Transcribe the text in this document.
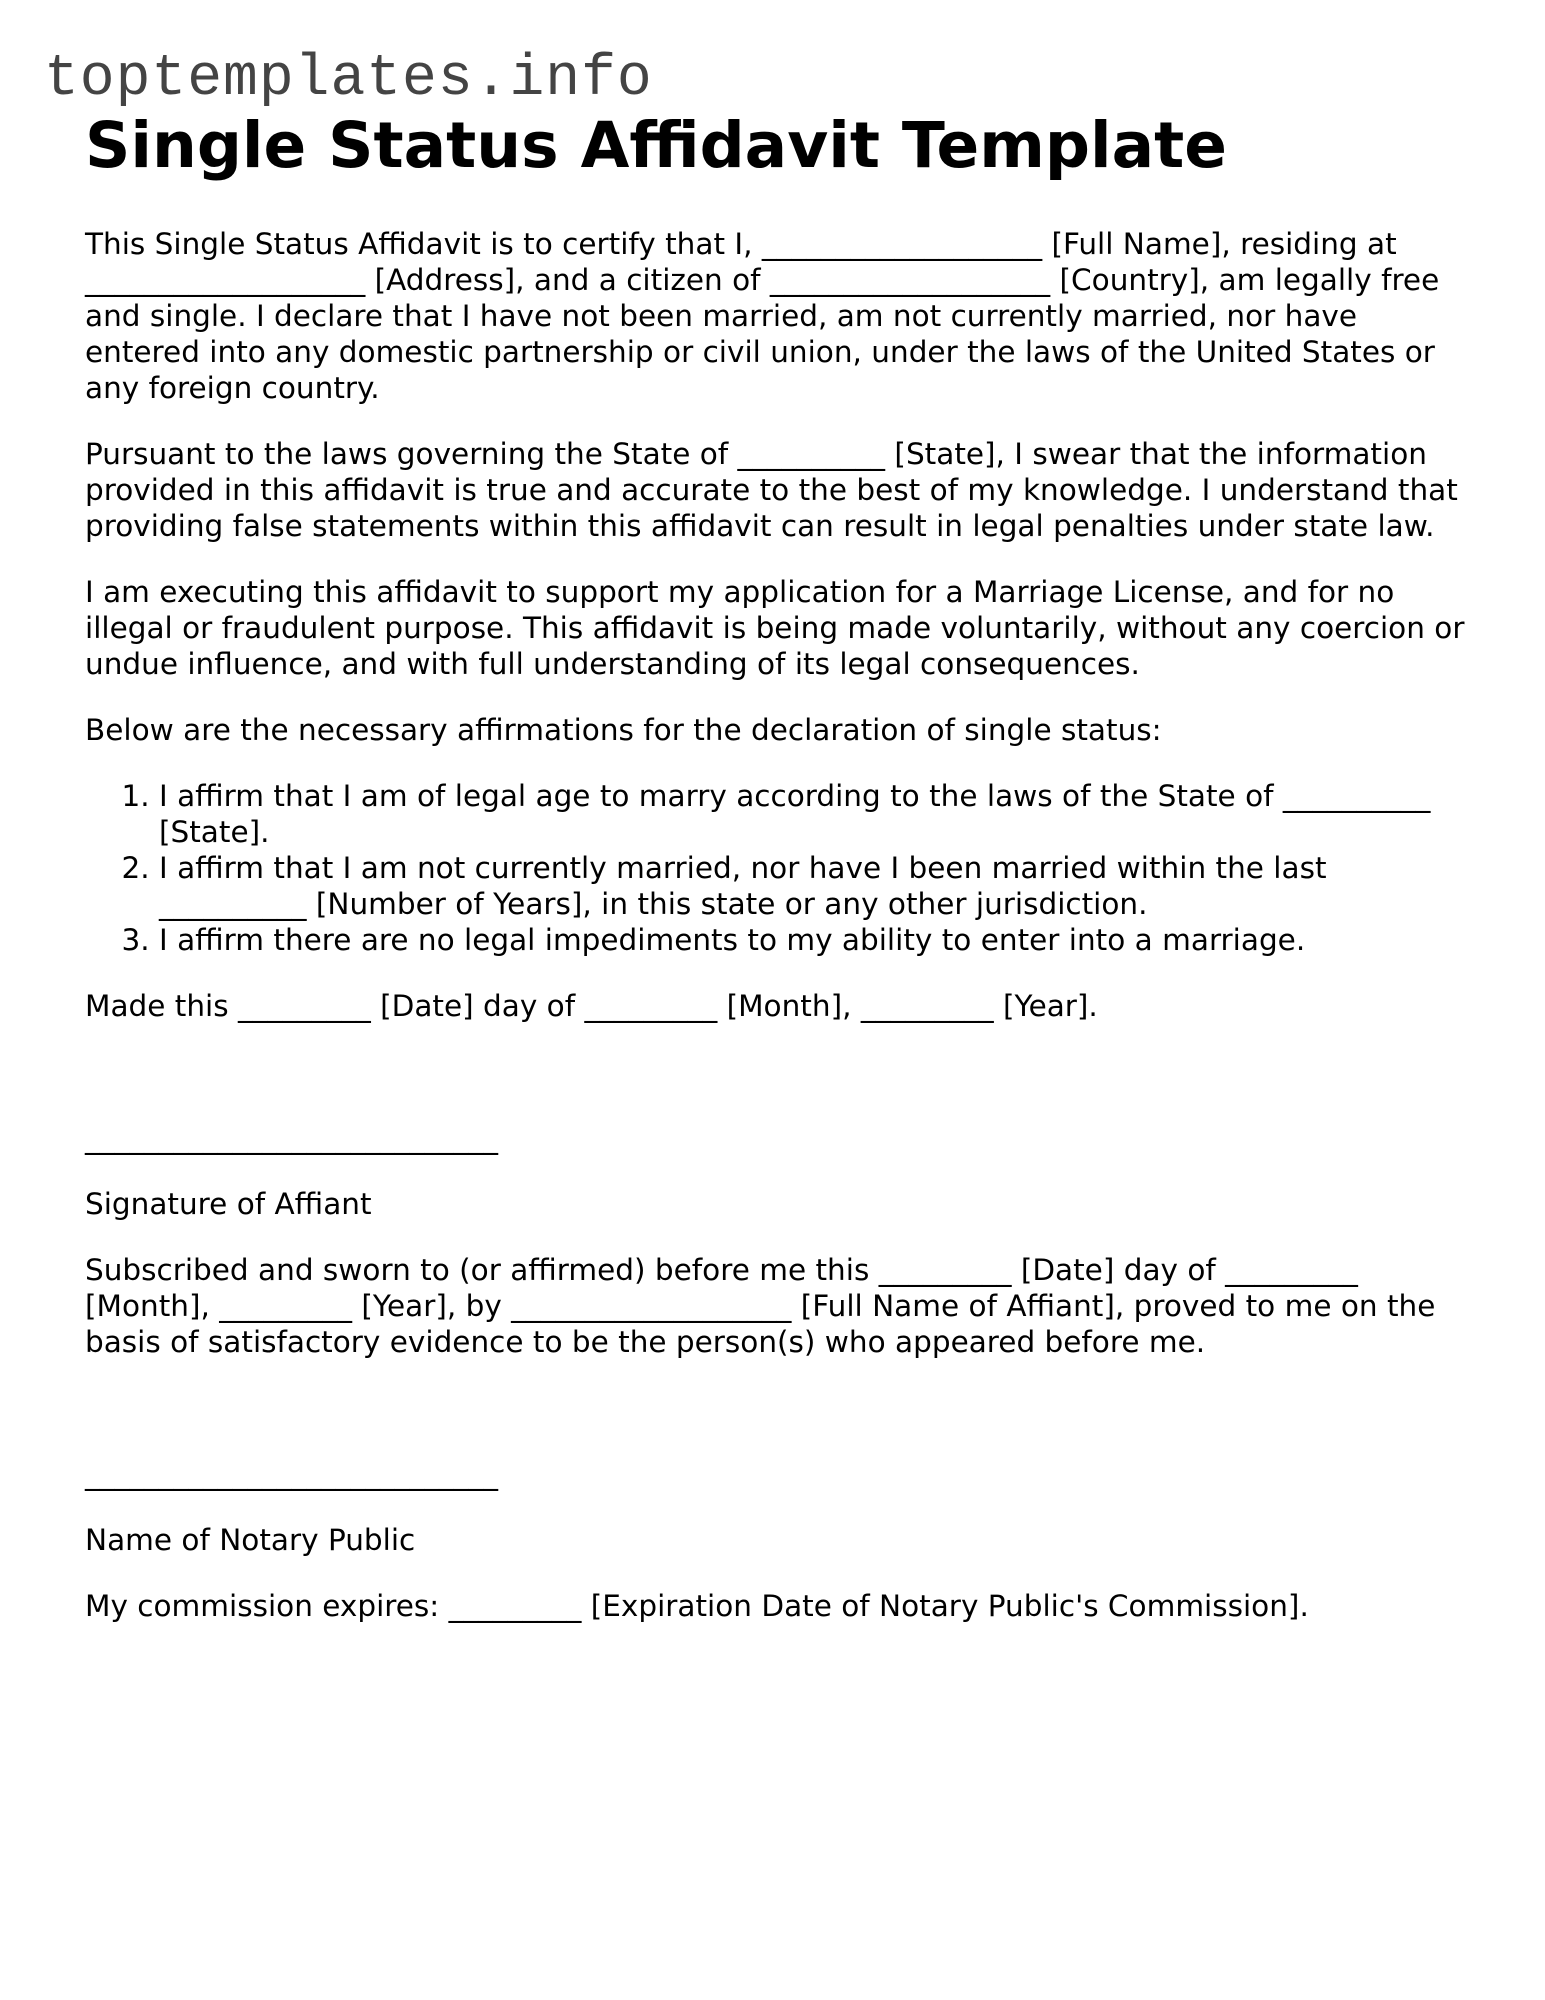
toptemplates.info
Single Status Affidavit Template

This Single Status Affidavit is to certify that I, ___________________ [Full Name], residing at ___________________ [Address], and a citizen of ___________________ [Country], am legally free and single. I declare that I have not been married, am not currently married, nor have entered into any domestic partnership or civil union, under the laws of the United States or any foreign country.

Pursuant to the laws governing the State of __________ [State], I swear that the information provided in this affidavit is true and accurate to the best of my knowledge. I understand that providing false statements within this affidavit can result in legal penalties under state law.

I am executing this affidavit to support my application for a Marriage License, and for no illegal or fraudulent purpose. This affidavit is being made voluntarily, without any coercion or undue influence, and with full understanding of its legal consequences.

Below are the necessary affirmations for the declaration of single status:

1. I affirm that I am of legal age to marry according to the laws of the State of __________ [State].
2. I affirm that I am not currently married, nor have I been married within the last __________ [Number of Years], in this state or any other jurisdiction.
3. I affirm there are no legal impediments to my ability to enter into a marriage.

Made this _________ [Date] day of _________ [Month], _________ [Year].

____________________________

Signature of Affiant

Subscribed and sworn to (or affirmed) before me this _________ [Date] day of _________ [Month], _________ [Year], by ___________________ [Full Name of Affiant], proved to me on the basis of satisfactory evidence to be the person(s) who appeared before me.

____________________________

Name of Notary Public

My commission expires: _________ [Expiration Date of Notary Public's Commission].
